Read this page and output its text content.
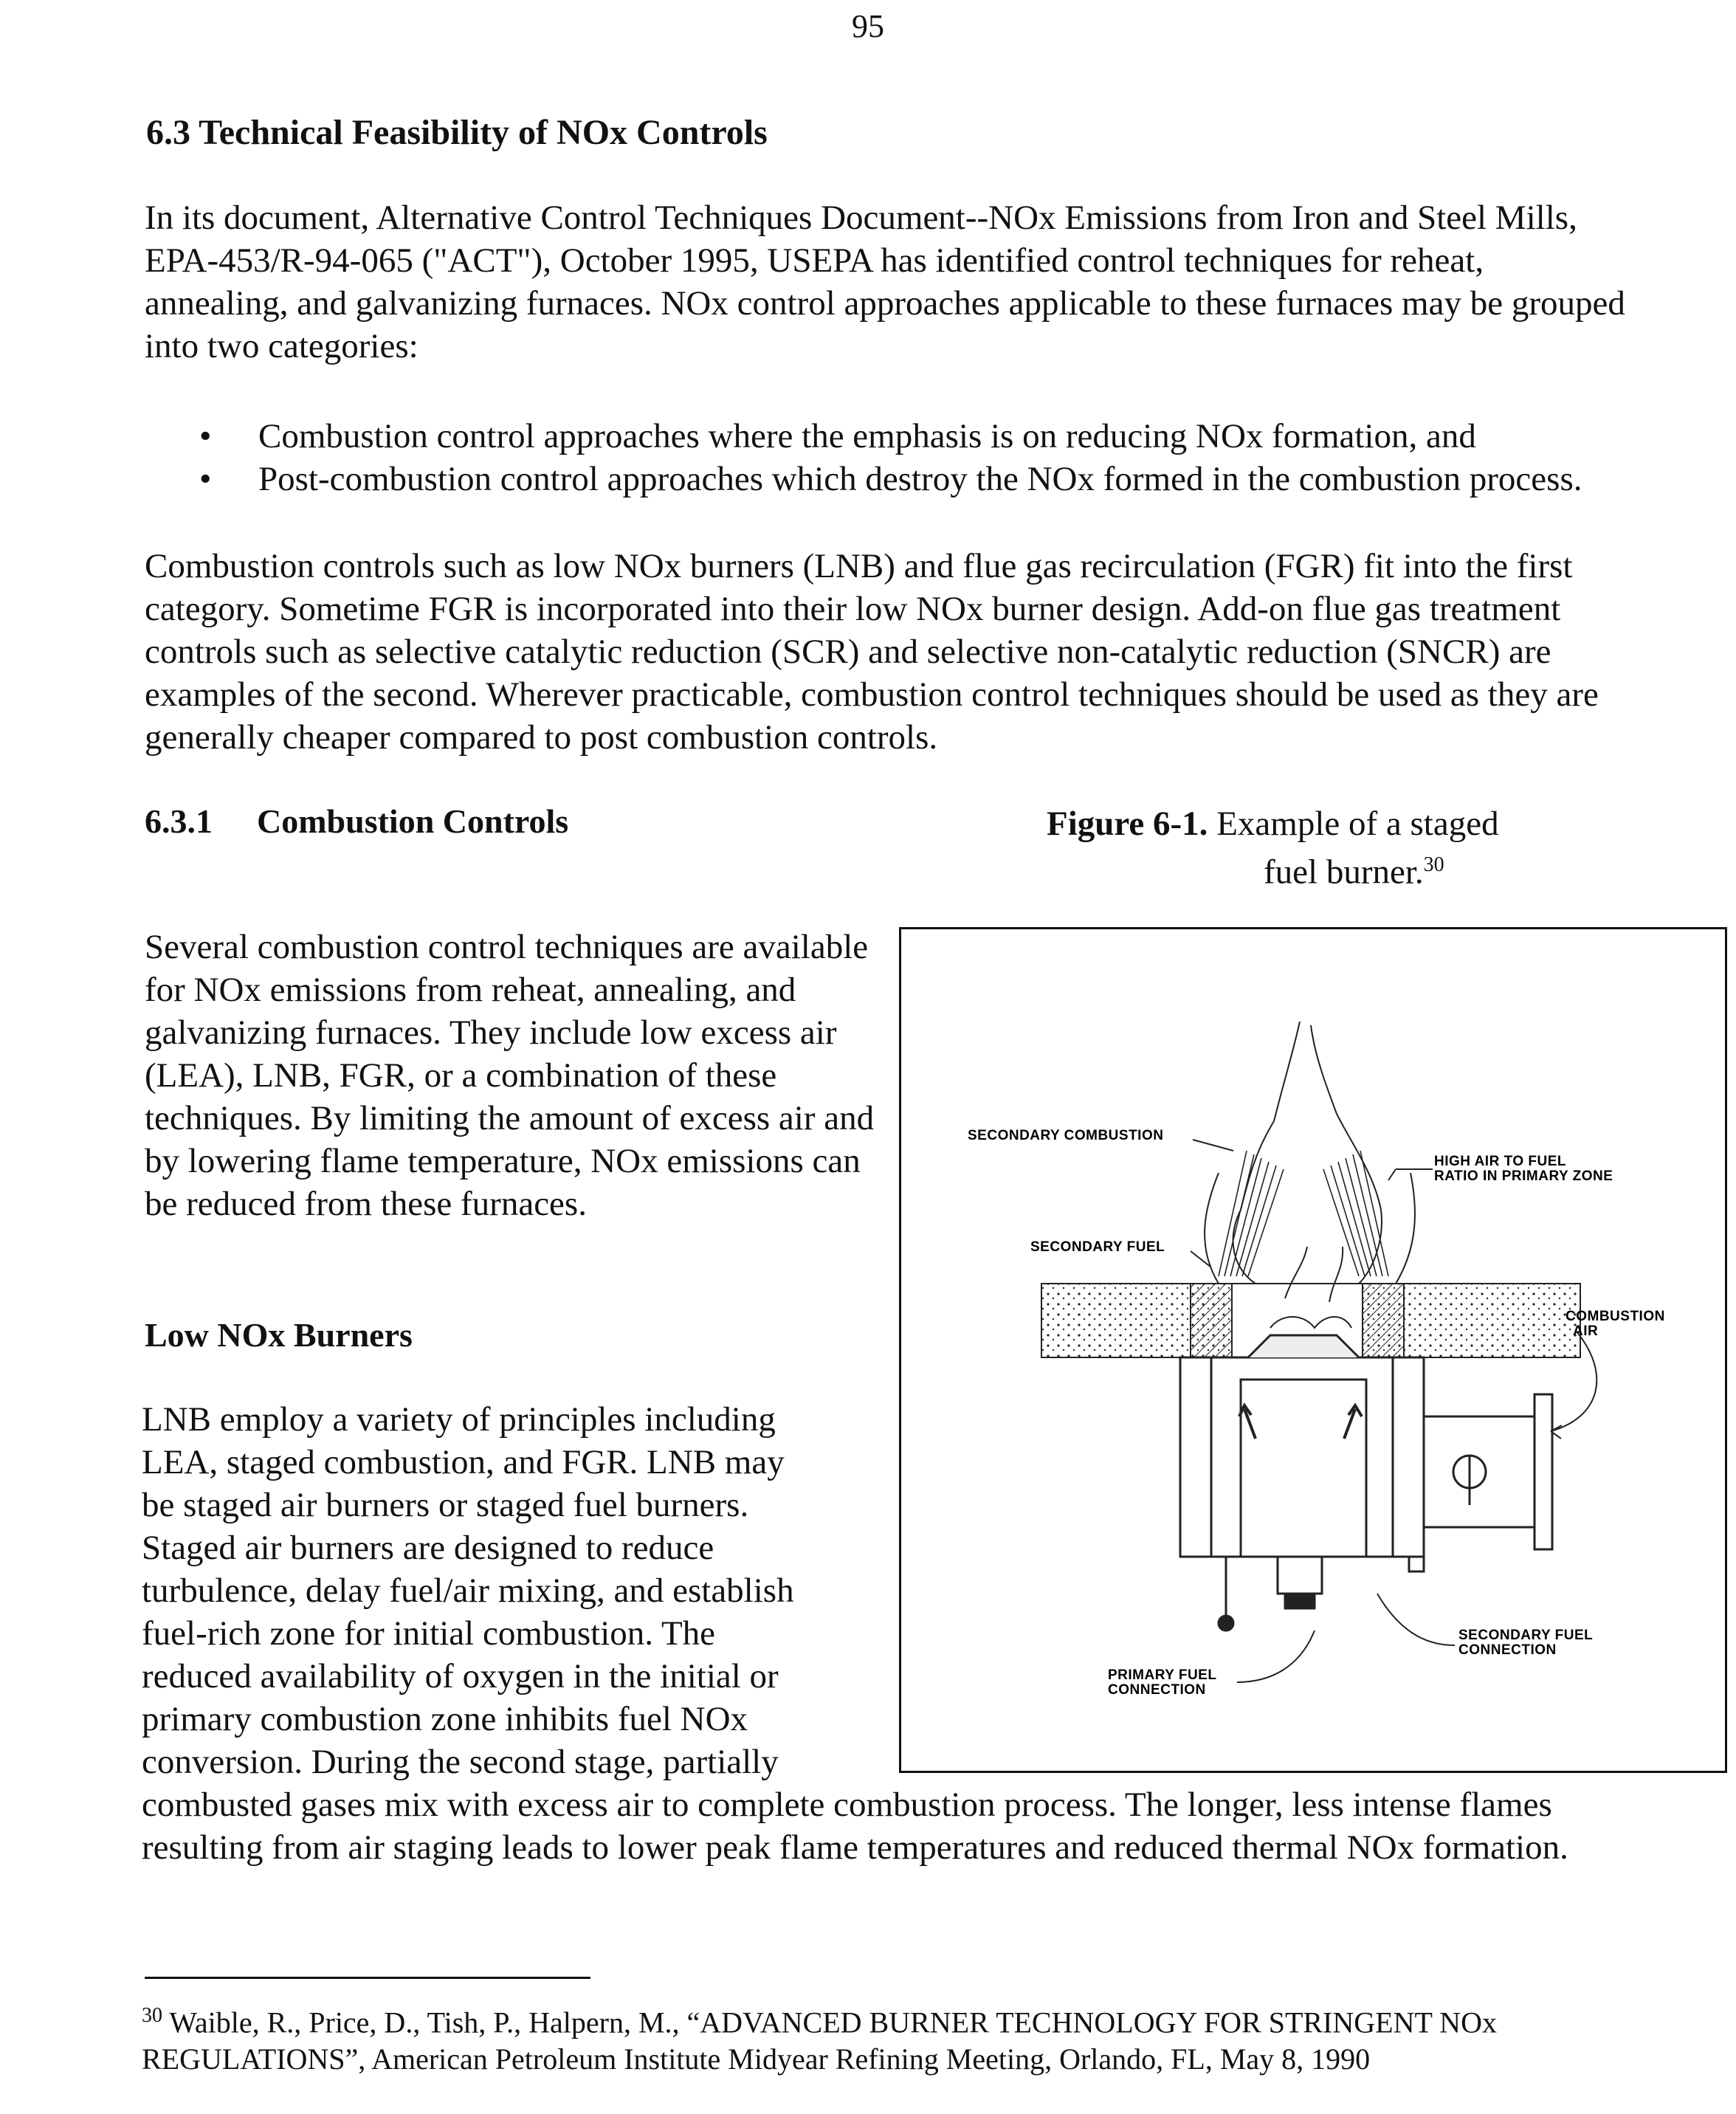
95
6.3 Technical Feasibility of NOx Controls
In its document, Alternative Control Techniques Document--NOx Emissions from Iron and Steel Mills, EPA-453/R-94-065 ("ACT"), October 1995, USEPA has identified control techniques for reheat, annealing, and galvanizing furnaces. NOx control approaches applicable to these furnaces may be grouped into two categories:
• Combustion control approaches where the emphasis is on reducing NOx formation, and
• Post-combustion control approaches which destroy the NOx formed in the combustion process.
Combustion controls such as low NOx burners (LNB) and flue gas recirculation (FGR) fit into the first category. Sometime FGR is incorporated into their low NOx burner design. Add-on flue gas treatment controls such as selective catalytic reduction (SCR) and selective non-catalytic reduction (SNCR) are examples of the second. Wherever practicable, combustion control techniques should be used as they are generally cheaper compared to post combustion controls.
6.3.1 Combustion Controls	Figure 6-1. Example of a staged
fuel burner.$^{30}$
Several combustion control techniques are available for NOx emissions from reheat, annealing, and galvanizing furnaces. They include low excess air (LEA), LNB, FGR, or a combination of these techniques. By limiting the amount of excess air and by lowering flame temperature, NOx emissions can be reduced from these furnaces.
Low NOx Burners
LNB employ a variety of principles including
LEA, staged combustion, and FGR. LNB may
be staged air burners or staged fuel burners.
Staged air burners are designed to reduce
turbulence, delay fuel/air mixing, and establish
fuel-rich zone for initial combustion. The
reduced availability of oxygen in the initial or
primary combustion zone inhibits fuel NOx
conversion. During the second stage, partially
combusted gases mix with excess air to complete combustion process. The longer, less intense flames resulting from air staging leads to lower peak flame temperatures and reduced thermal NOx formation.
SECONDARY COMBUSTION
HIGH AIR TO FUEL
RATIO IN PRIMARY ZONE
SECONDARY FUEL
COMBUSTION
AIR
SECONDARY FUEL
CONNECTION
PRIMARY FUEL
CONNECTION
$^{30}$ Waible, R., Price, D., Tish, P., Halpern, M., “ADVANCED BURNER TECHNOLOGY FOR STRINGENT NOx REGULATIONS”, American Petroleum Institute Midyear Refining Meeting, Orlando, FL, May 8, 1990
